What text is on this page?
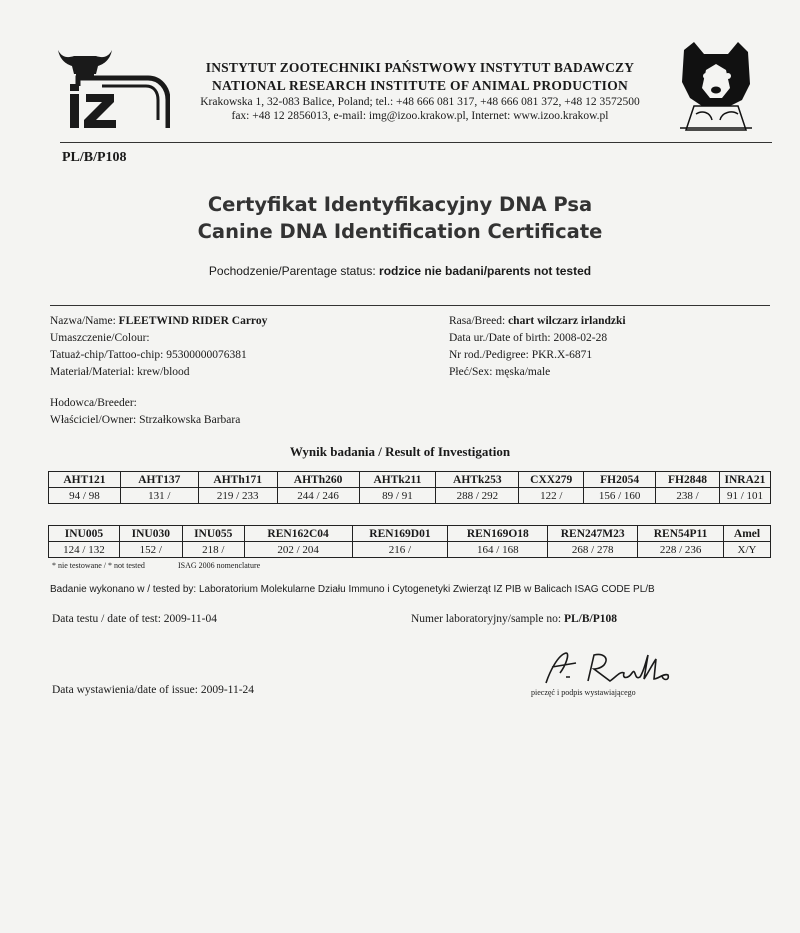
INSTYTUT ZOOTECHNIKI PAŃSTWOWY INSTYTUT BADAWCZY
NATIONAL RESEARCH INSTITUTE OF ANIMAL PRODUCTION
Krakowska 1, 32-083 Balice, Poland; tel.: +48 666 081 317, +48 666 081 372, +48 12 3572500
fax: +48 12 2856013, e-mail: img@izoo.krakow.pl, Internet: www.izoo.krakow.pl
PL/B/P108
Certyfikat Identyfikacyjny DNA Psa
Canine DNA Identification Certificate
Pochodzenie/Parentage status: rodzice nie badani/parents not tested
Nazwa/Name: FLEETWIND RIDER Carroy
Umaszczenie/Colour:
Tatuaż-chip/Tattoo-chip: 95300000076381
Materiał/Material: krew/blood
Hodowca/Breeder:
Właściciel/Owner: Strzałkowska Barbara
Rasa/Breed: chart wilczarz irlandzki
Data ur./Date of birth: 2008-02-28
Nr rod./Pedigree: PKR.X-6871
Płeć/Sex: męska/male
Wynik badania / Result of Investigation
AHT121	AHT137	AHTh171	AHTh260	AHTk211	AHTk253	CXX279	FH2054	FH2848	INRA21
94 / 98	131 /	219 / 233	244 / 246	89 / 91	288 / 292	122 /	156 / 160	238 /	91 / 101
INU005	INU030	INU055	REN162C04	REN169D01	REN169O18	REN247M23	REN54P11	Amel
124 / 132	152 /	218 /	202 / 204	216 /	164 / 168	268 / 278	228 / 236	X/Y
* nie testowane / * not tested	ISAG 2006 nomenclature
Badanie wykonano w / tested by: Laboratorium Molekularne Działu Immuno i Cytogenetyki Zwierząt IZ PIB w Balicach ISAG CODE PL/B
Data testu / date of test: 2009-11-04	Numer laboratoryjny/sample no: PL/B/P108
Data wystawienia/date of issue: 2009-11-24	pieczęć i podpis wystawiającego
